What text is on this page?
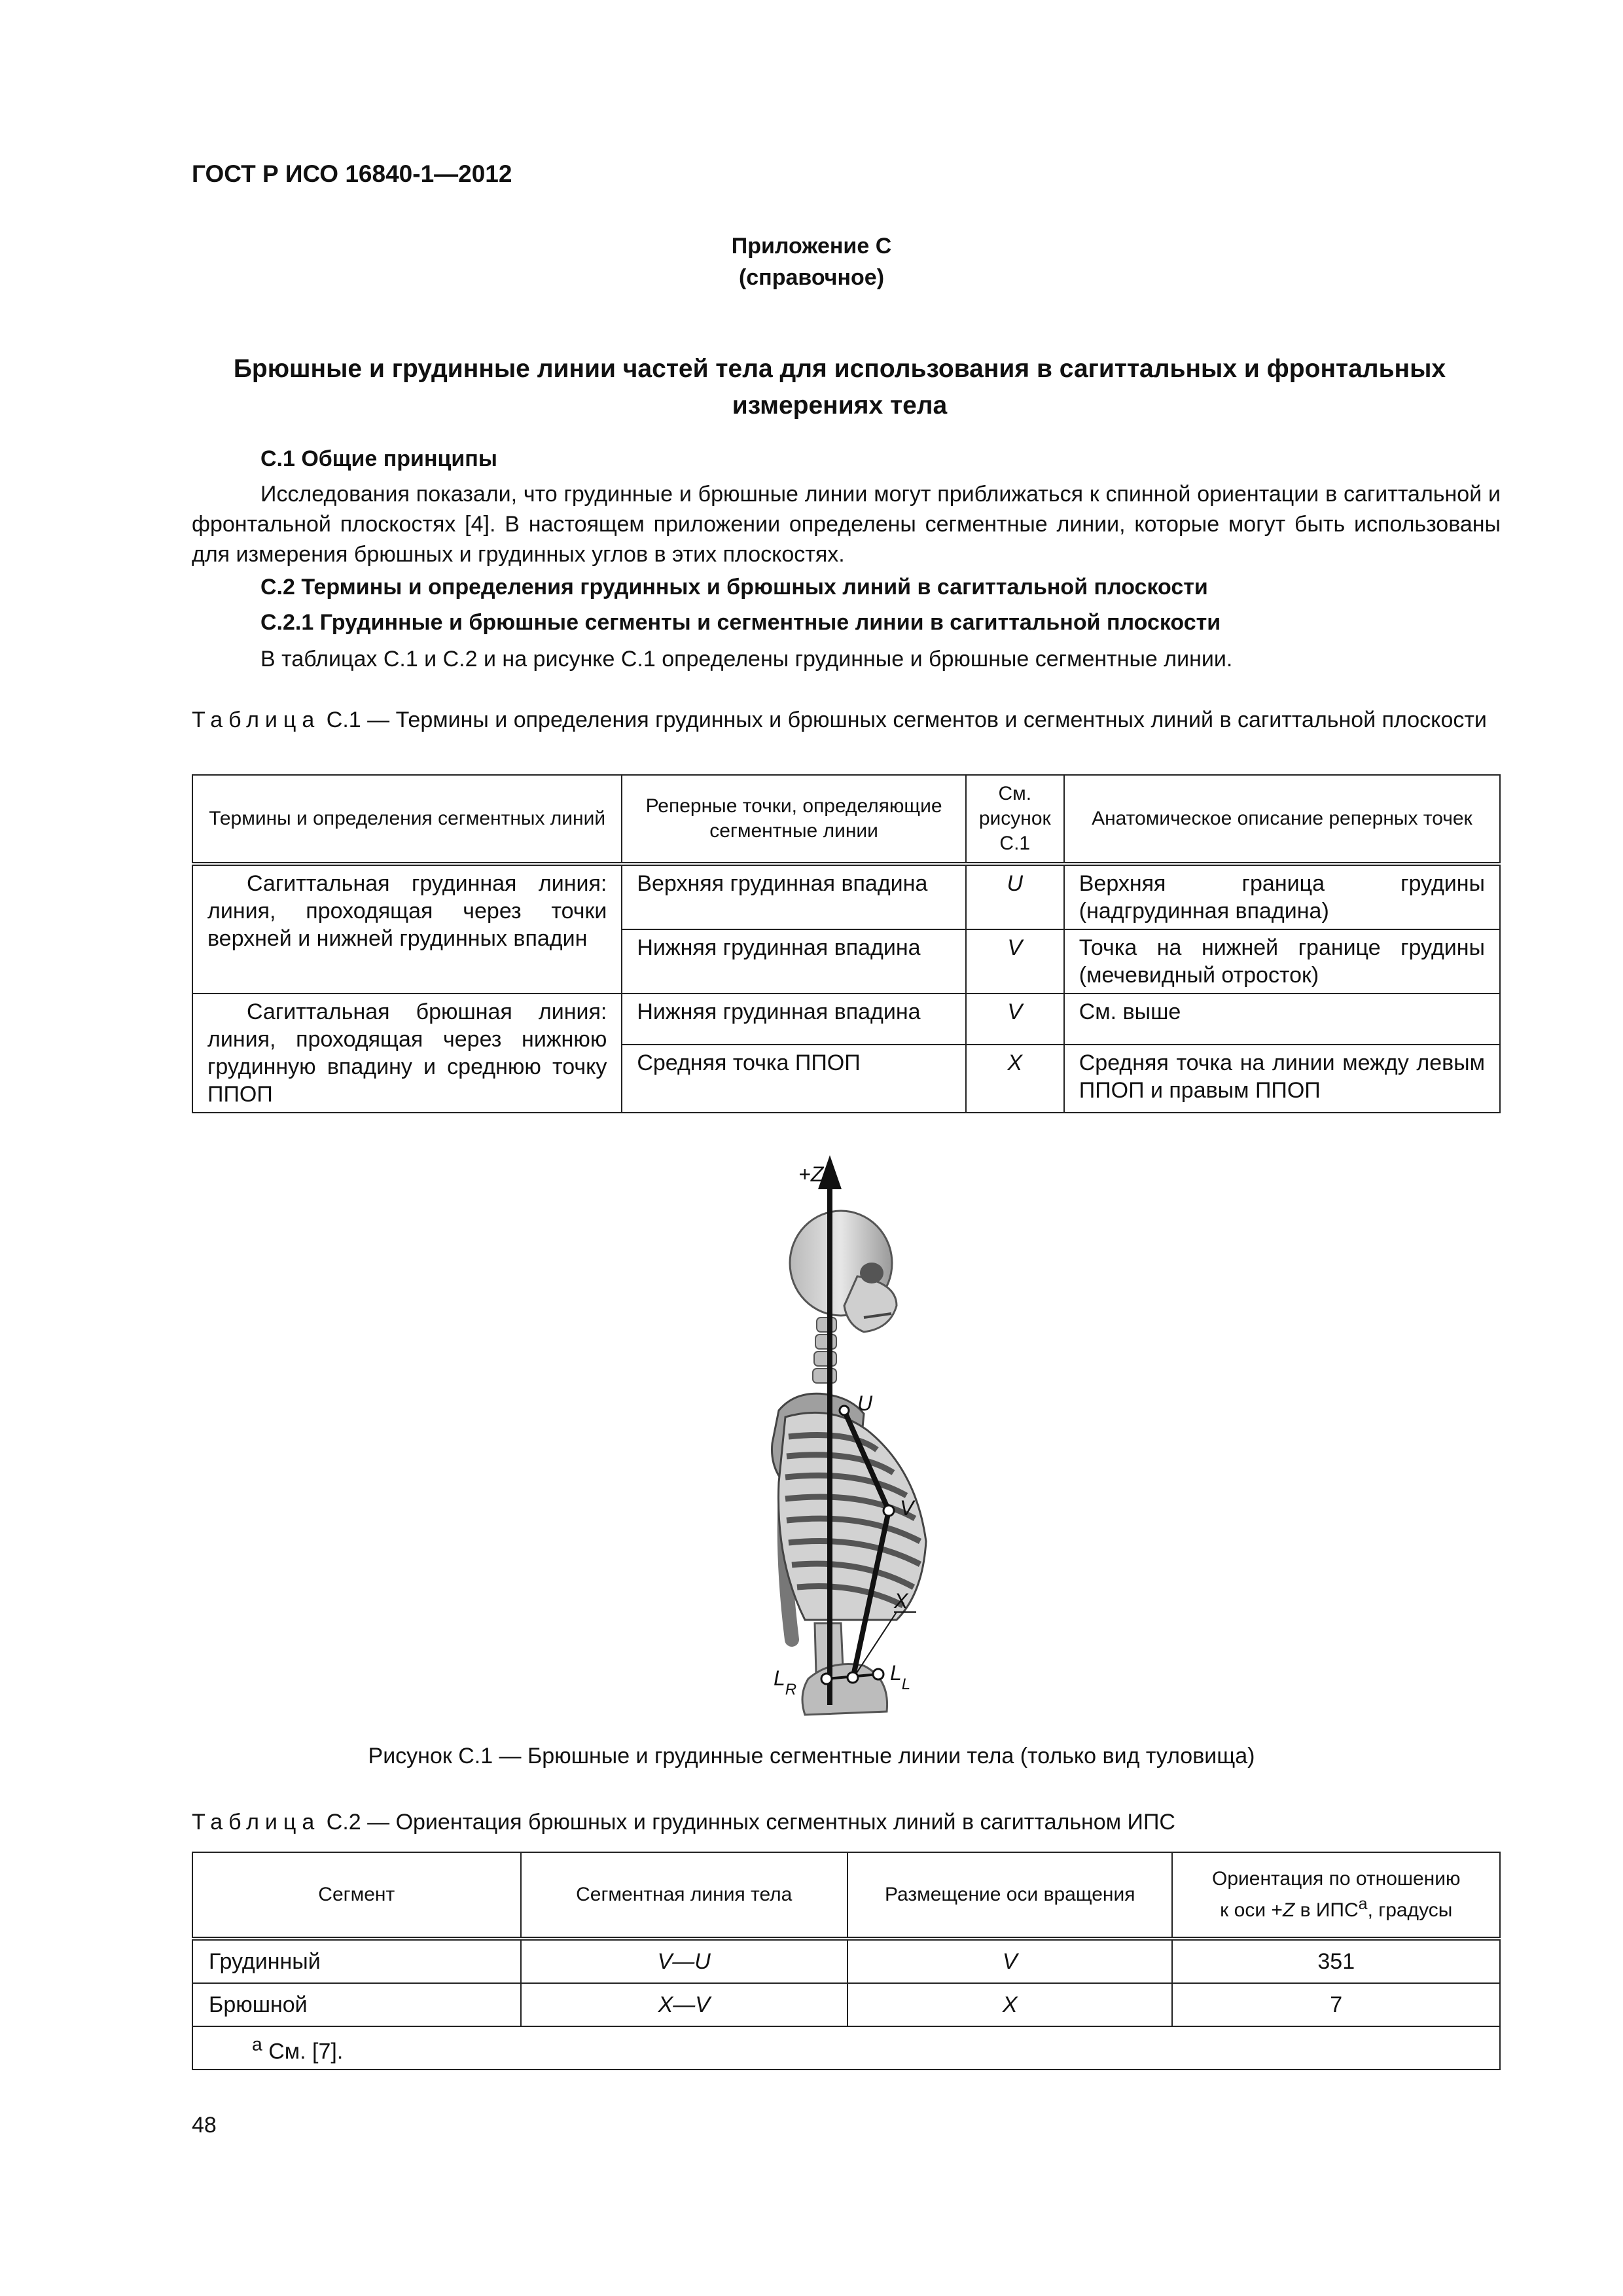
ГОСТ Р ИСО 16840-1—2012
Приложение С
(справочное)
Брюшные и грудинные линии частей тела для использования в сагиттальных и фронтальных
измерениях тела
С.1 Общие принципы
Исследования показали, что грудинные и брюшные линии могут приближаться к спинной ориентации в сагиттальной и фронтальной плоскостях [4]. В настоящем приложении определены сегментные линии, которые могут быть использованы для измерения брюшных и грудинных углов в этих плоскостях.
С.2 Термины и определения грудинных и брюшных линий в сагиттальной плоскости
С.2.1 Грудинные и брюшные сегменты и сегментные линии в сагиттальной плоскости
В таблицах С.1 и С.2 и на рисунке С.1 определены грудинные и брюшные сегментные линии.
Таблица С.1 — Термины и определения грудинных и брюшных сегментов и сегментных линий в сагиттальной плоскости
Термины и определения сегментных линий	Реперные точки, определяющие сегментные линии	См. рисунок С.1	Анатомическое описание реперных точек
Сагиттальная грудинная линия: линия, проходящая через точки верхней и нижней грудинных впадин	Верхняя грудинная впадина	U	Верхняя граница грудины (надгрудинная впадина)
	Нижняя грудинная впадина	V	Точка на нижней границе грудины (мечевидный отросток)
Сагиттальная брюшная линия: линия, проходящая через нижнюю грудинную впадину и среднюю точку ППОП	Нижняя грудинная впадина	V	См. выше
	Средняя точка ППОП	X	Средняя точка на линии между левым ППОП и правым ППОП
+Z
U
V
X
$L_R$
$L_L$
Рисунок С.1 — Брюшные и грудинные сегментные линии тела (только вид туловища)
Таблица С.2 — Ориентация брюшных и грудинных сегментных линий в сагиттальном ИПС
Сегмент	Сегментная линия тела	Размещение оси вращения	Ориентация по отношению
к оси +Z в $ИПС^а$, градусы
Грудинный	V—U	V	351
Брюшной	X—V	X	7
$^а$ См. [7].			
48
